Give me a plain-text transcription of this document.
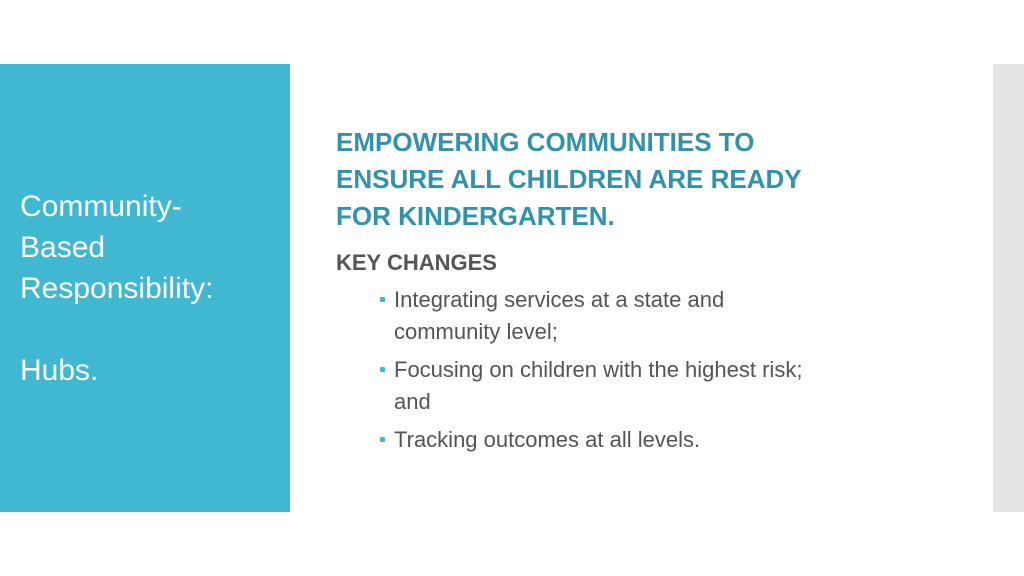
Community-
Based
Responsibility:
Hubs.
EMPOWERING COMMUNITIES TO
ENSURE ALL CHILDREN ARE READY
FOR KINDERGARTEN.
KEY CHANGES
Integrating services at a state and
community level;
Focusing on children with the highest risk;
and
Tracking outcomes at all levels.
